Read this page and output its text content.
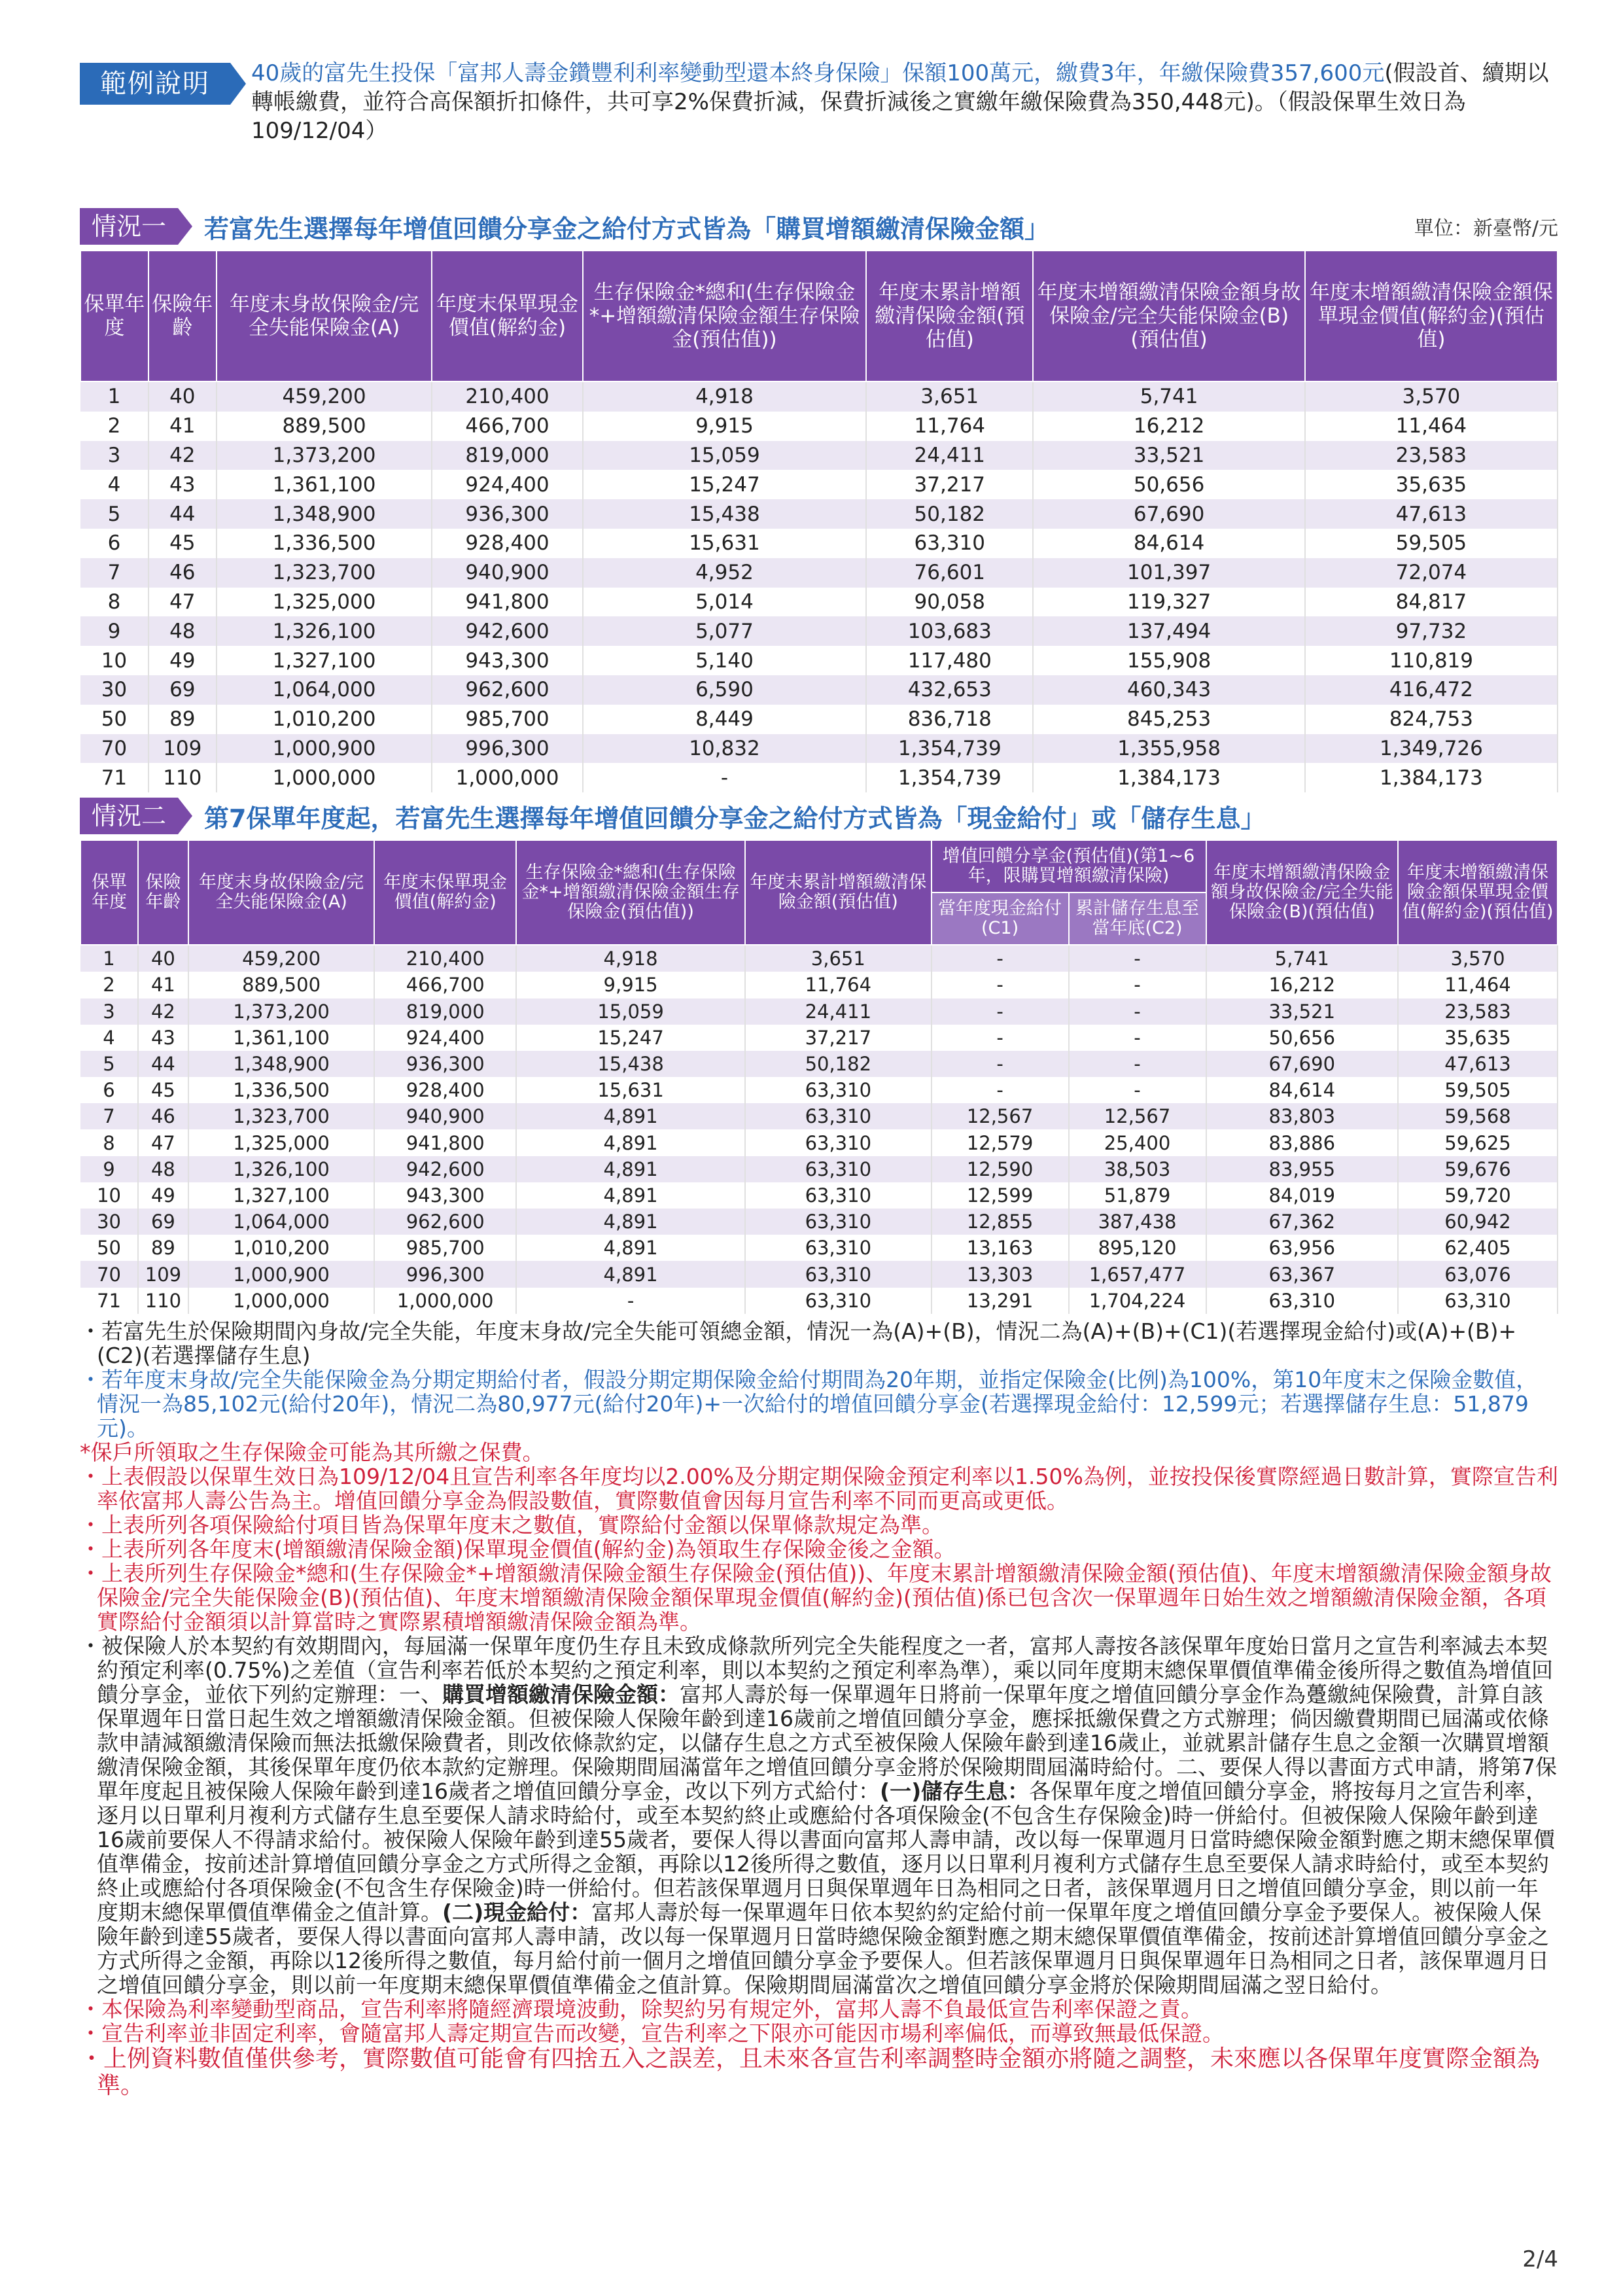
範例說明	40歲的富先生投保「富邦人壽金鑽豐利利率變動型還本終身保險」保額100萬元，繳費3年，年繳保險費357,600元(假設首、續期以轉帳繳費，並符合高保額折扣條件，共可享2%保費折減，保費折減後之實繳年繳保險費為350,448元)。（假設保單生效日為109/12/04）
情況一	若富先生選擇每年增值回饋分享金之給付方式皆為「購買增額繳清保險金額」	單位：新臺幣/元
保單年度	保險年齡	年度末身故保險金/完全失能保險金(A)	年度末保單現金價值(解約金)	生存保險金*總和(生存保險金*+增額繳清保險金額生存保險金(預估值))	年度末累計增額繳清保險金額(預估值)	年度末增額繳清保險金額身故保險金/完全失能保險金(B)(預估值)	年度末增額繳清保險金額保單現金價值(解約金)(預估值)
1	40	459,200	210,400	4,918	3,651	5,741	3,570
2	41	889,500	466,700	9,915	11,764	16,212	11,464
3	42	1,373,200	819,000	15,059	24,411	33,521	23,583
4	43	1,361,100	924,400	15,247	37,217	50,656	35,635
5	44	1,348,900	936,300	15,438	50,182	67,690	47,613
6	45	1,336,500	928,400	15,631	63,310	84,614	59,505
7	46	1,323,700	940,900	4,952	76,601	101,397	72,074
8	47	1,325,000	941,800	5,014	90,058	119,327	84,817
9	48	1,326,100	942,600	5,077	103,683	137,494	97,732
10	49	1,327,100	943,300	5,140	117,480	155,908	110,819
30	69	1,064,000	962,600	6,590	432,653	460,343	416,472
50	89	1,010,200	985,700	8,449	836,718	845,253	824,753
70	109	1,000,900	996,300	10,832	1,354,739	1,355,958	1,349,726
71	110	1,000,000	1,000,000	-	1,354,739	1,384,173	1,384,173
情況二	第7保單年度起，若富先生選擇每年增值回饋分享金之給付方式皆為「現金給付」或「儲存生息」
保單年度	保險年齡	年度末身故保險金/完全失能保險金(A)	年度末保單現金價值(解約金)	生存保險金*總和(生存保險金*+增額繳清保險金額生存保險金(預估值))	年度末累計增額繳清保險金額(預估值)	增值回饋分享金(預估值)(第1~6年，限購買增額繳清保險)		年度末增額繳清保險金額身故保險金/完全失能保險金(B)(預估值)	年度末增額繳清保險金額保單現金價值(解約金)(預估值)
						當年度現金給付(C1)	累計儲存生息至當年底(C2)		
1	40	459,200	210,400	4,918	3,651	-	-	5,741	3,570
2	41	889,500	466,700	9,915	11,764	-	-	16,212	11,464
3	42	1,373,200	819,000	15,059	24,411	-	-	33,521	23,583
4	43	1,361,100	924,400	15,247	37,217	-	-	50,656	35,635
5	44	1,348,900	936,300	15,438	50,182	-	-	67,690	47,613
6	45	1,336,500	928,400	15,631	63,310	-	-	84,614	59,505
7	46	1,323,700	940,900	4,891	63,310	12,567	12,567	83,803	59,568
8	47	1,325,000	941,800	4,891	63,310	12,579	25,400	83,886	59,625
9	48	1,326,100	942,600	4,891	63,310	12,590	38,503	83,955	59,676
10	49	1,327,100	943,300	4,891	63,310	12,599	51,879	84,019	59,720
30	69	1,064,000	962,600	4,891	63,310	12,855	387,438	67,362	60,942
50	89	1,010,200	985,700	4,891	63,310	13,163	895,120	63,956	62,405
70	109	1,000,900	996,300	4,891	63,310	13,303	1,657,477	63,367	63,076
71	110	1,000,000	1,000,000	-	63,310	13,291	1,704,224	63,310	63,310

・若富先生於保險期間內身故/完全失能，年度末身故/完全失能可領總金額，情況一為(A)+(B)，情況二為(A)+(B)+(C1)(若選擇現金給付)或(A)+(B)+(C2)(若選擇儲存生息)

・若年度末身故/完全失能保險金為分期定期給付者，假設分期定期保險金給付期間為20年期，並指定保險金(比例)為100%，第10年度末之保險金數值，情況一為85,102元(給付20年)，情況二為80,977元(給付20年)+一次給付的增值回饋分享金(若選擇現金給付：12,599元；若選擇儲存生息：51,879元)。

*保戶所領取之生存保險金可能為其所繳之保費。

・上表假設以保單生效日為109/12/04且宣告利率各年度均以2.00%及分期定期保險金預定利率以1.50%為例，並按投保後實際經過日數計算，實際宣告利率依富邦人壽公告為主。增值回饋分享金為假設數值，實際數值會因每月宣告利率不同而更高或更低。

・上表所列各項保險給付項目皆為保單年度末之數值，實際給付金額以保單條款規定為準。

・上表所列各年度末(增額繳清保險金額)保單現金價值(解約金)為領取生存保險金後之金額。

・上表所列生存保險金*總和(生存保險金*+增額繳清保險金額生存保險金(預估值))、年度末累計增額繳清保險金額(預估值)、年度末增額繳清保險金額身故保險金/完全失能保險金(B)(預估值)、年度末增額繳清保險金額保單現金價值(解約金)(預估值)係已包含次一保單週年日始生效之增額繳清保險金額，各項實際給付金額須以計算當時之實際累積增額繳清保險金額為準。

・被保險人於本契約有效期間內，每屆滿一保單年度仍生存且未致成條款所列完全失能程度之一者，富邦人壽按各該保單年度始日當月之宣告利率減去本契約預定利率(0.75%)之差值（宣告利率若低於本契約之預定利率，則以本契約之預定利率為準），乘以同年度期末總保單價值準備金後所得之數值為增值回饋分享金，並依下列約定辦理：一、購買增額繳清保險金額：富邦人壽於每一保單週年日將前一保單年度之增值回饋分享金作為躉繳純保險費，計算自該保單週年日當日起生效之增額繳清保險金額。但被保險人保險年齡到達16歲前之增值回饋分享金，應採抵繳保費之方式辦理；倘因繳費期間已屆滿或依條款申請減額繳清保險而無法抵繳保險費者，則改依條款約定，以儲存生息之方式至被保險人保險年齡到達16歲止，並就累計儲存生息之金額一次購買增額繳清保險金額，其後保單年度仍依本款約定辦理。保險期間屆滿當年之增值回饋分享金將於保險期間屆滿時給付。二、要保人得以書面方式申請，將第7保單年度起且被保險人保險年齡到達16歲者之增值回饋分享金，改以下列方式給付：(一)儲存生息：各保單年度之增值回饋分享金，將按每月之宣告利率，逐月以日單利月複利方式儲存生息至要保人請求時給付，或至本契約終止或應給付各項保險金(不包含生存保險金)時一併給付。但被保險人保險年齡到達16歲前要保人不得請求給付。被保險人保險年齡到達55歲者，要保人得以書面向富邦人壽申請，改以每一保單週月日當時總保險金額對應之期末總保單價值準備金，按前述計算增值回饋分享金之方式所得之金額，再除以12後所得之數值，逐月以日單利月複利方式儲存生息至要保人請求時給付，或至本契約終止或應給付各項保險金(不包含生存保險金)時一併給付。但若該保單週月日與保單週年日為相同之日者，該保單週月日之增值回饋分享金，則以前一年度期末總保單價值準備金之值計算。(二)現金給付：富邦人壽於每一保單週年日依本契約約定給付前一保單年度之增值回饋分享金予要保人。被保險人保險年齡到達55歲者，要保人得以書面向富邦人壽申請，改以每一保單週月日當時總保險金額對應之期末總保單價值準備金，按前述計算增值回饋分享金之方式所得之金額，再除以12後所得之數值，每月給付前一個月之增值回饋分享金予要保人。但若該保單週月日與保單週年日為相同之日者，該保單週月日之增值回饋分享金，則以前一年度期末總保單價值準備金之值計算。保險期間屆滿當次之增值回饋分享金將於保險期間屆滿之翌日給付。

・本保險為利率變動型商品，宣告利率將隨經濟環境波動，除契約另有規定外，富邦人壽不負最低宣告利率保證之責。

・宣告利率並非固定利率，會隨富邦人壽定期宣告而改變，宣告利率之下限亦可能因市場利率偏低，而導致無最低保證。

・上例資料數值僅供參考，實際數值可能會有四捨五入之誤差，且未來各宣告利率調整時金額亦將隨之調整，未來應以各保單年度實際金額為準。

2/4
